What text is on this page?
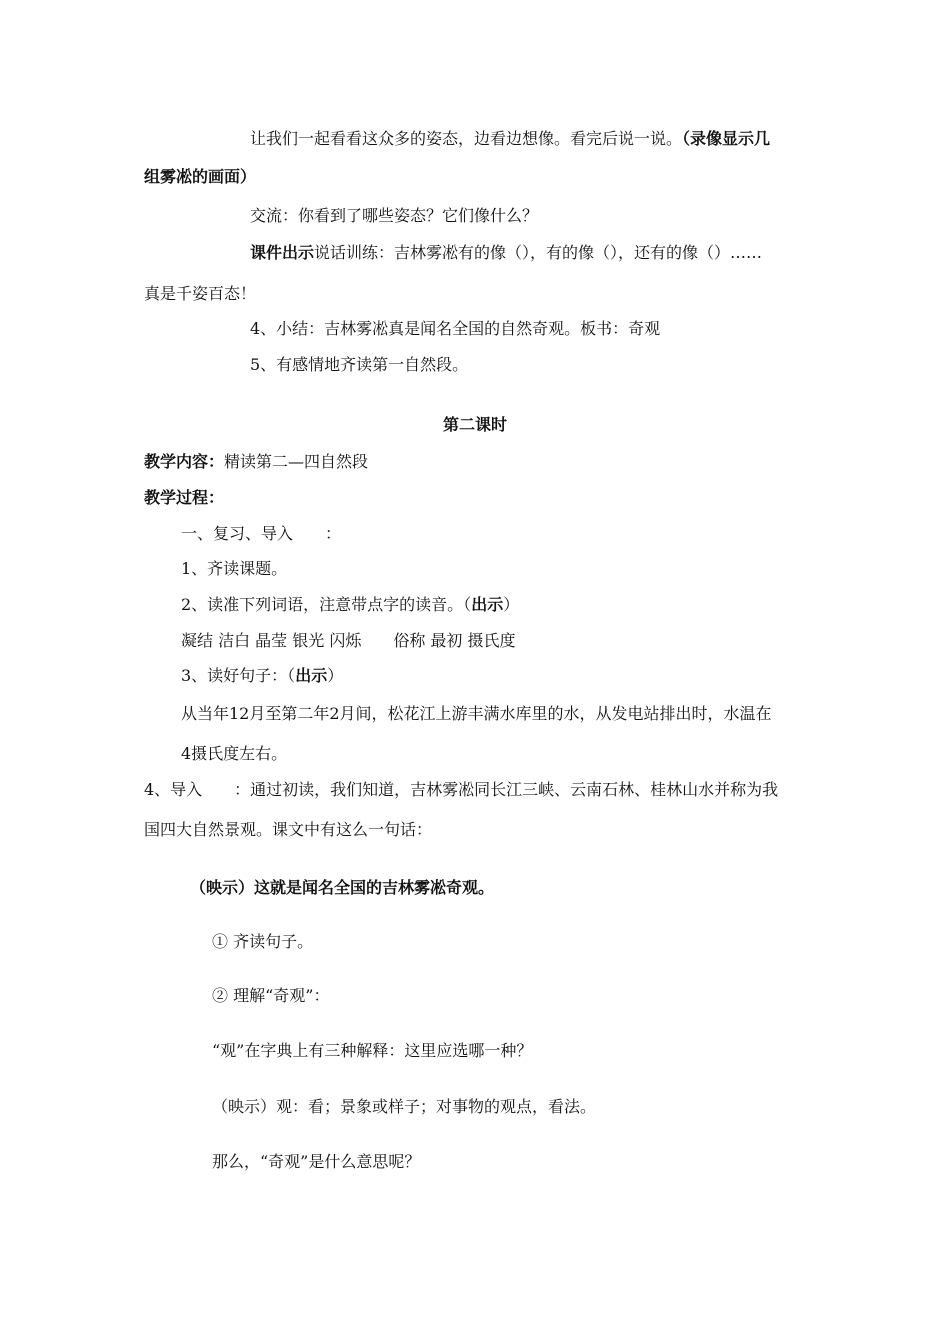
让我们一起看看这众多的姿态，边看边想像。看完后说一说。（录像显示几
组雾凇的画面）
交流：你看到了哪些姿态？它们像什么？
课件出示说话训练：吉林雾凇有的像（），有的像（），还有的像（）……
真是千姿百态！
4、小结：吉林雾凇真是闻名全国的自然奇观。板书：奇观
5、有感情地齐读第一自然段。
第二课时
教学内容：精读第二—四自然段
教学过程：
一、复习、导入　　：
1、齐读课题。
2、读准下列词语，注意带点字的读音。（出示）
凝结 洁白 晶莹 银光 闪烁　　俗称 最初 摄氏度
3、读好句子：（出示）
从当年12月至第二年2月间，松花江上游丰满水库里的水，从发电站排出时，水温在
4摄氏度左右。
4、导入　　：通过初读，我们知道，吉林雾凇同长江三峡、云南石林、桂林山水并称为我
国四大自然景观。课文中有这么一句话：
（映示）这就是闻名全国的吉林雾凇奇观。
① 齐读句子。
② 理解“奇观”：
“观”在字典上有三种解释：这里应选哪一种？
（映示）观：看；景象或样子；对事物的观点，看法。
那么，“奇观”是什么意思呢？
